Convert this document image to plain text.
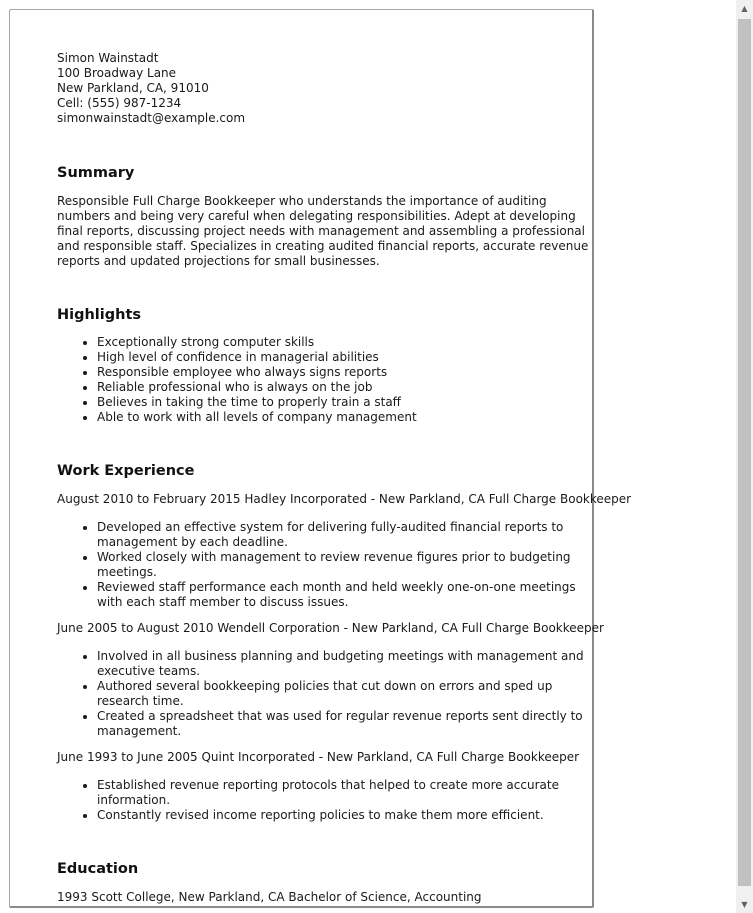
Simon Wainstadt
100 Broadway Lane
New Parkland, CA, 91010
Cell: (555) 987-1234
simonwainstadt@example.com
Summary

Responsible Full Charge Bookkeeper who understands the importance of auditing numbers and being very careful when delegating responsibilities. Adept at developing final reports, discussing project needs with management and assembling a professional and responsible staff. Specializes in creating audited financial reports, accurate revenue reports and updated projections for small businesses.

Highlights
• Exceptionally strong computer skills
• High level of confidence in managerial abilities
• Responsible employee who always signs reports
• Reliable professional who is always on the job
• Believes in taking the time to properly train a staff
• Able to work with all levels of company management
Work Experience
August 2010 to February 2015 Hadley Incorporated - New Parkland, CA Full Charge Bookkeeper
• Developed an effective system for delivering fully-audited financial reports to management by each deadline.
• Worked closely with management to review revenue figures prior to budgeting meetings.
• Reviewed staff performance each month and held weekly one-on-one meetings with each staff member to discuss issues.
June 2005 to August 2010 Wendell Corporation - New Parkland, CA Full Charge Bookkeeper
• Involved in all business planning and budgeting meetings with management and executive teams.
• Authored several bookkeeping policies that cut down on errors and sped up research time.
• Created a spreadsheet that was used for regular revenue reports sent directly to management.
June 1993 to June 2005 Quint Incorporated - New Parkland, CA Full Charge Bookkeeper
• Established revenue reporting protocols that helped to create more accurate information.
• Constantly revised income reporting policies to make them more efficient.
Education
1993 Scott College, New Parkland, CA Bachelor of Science, Accounting
▲
▼
